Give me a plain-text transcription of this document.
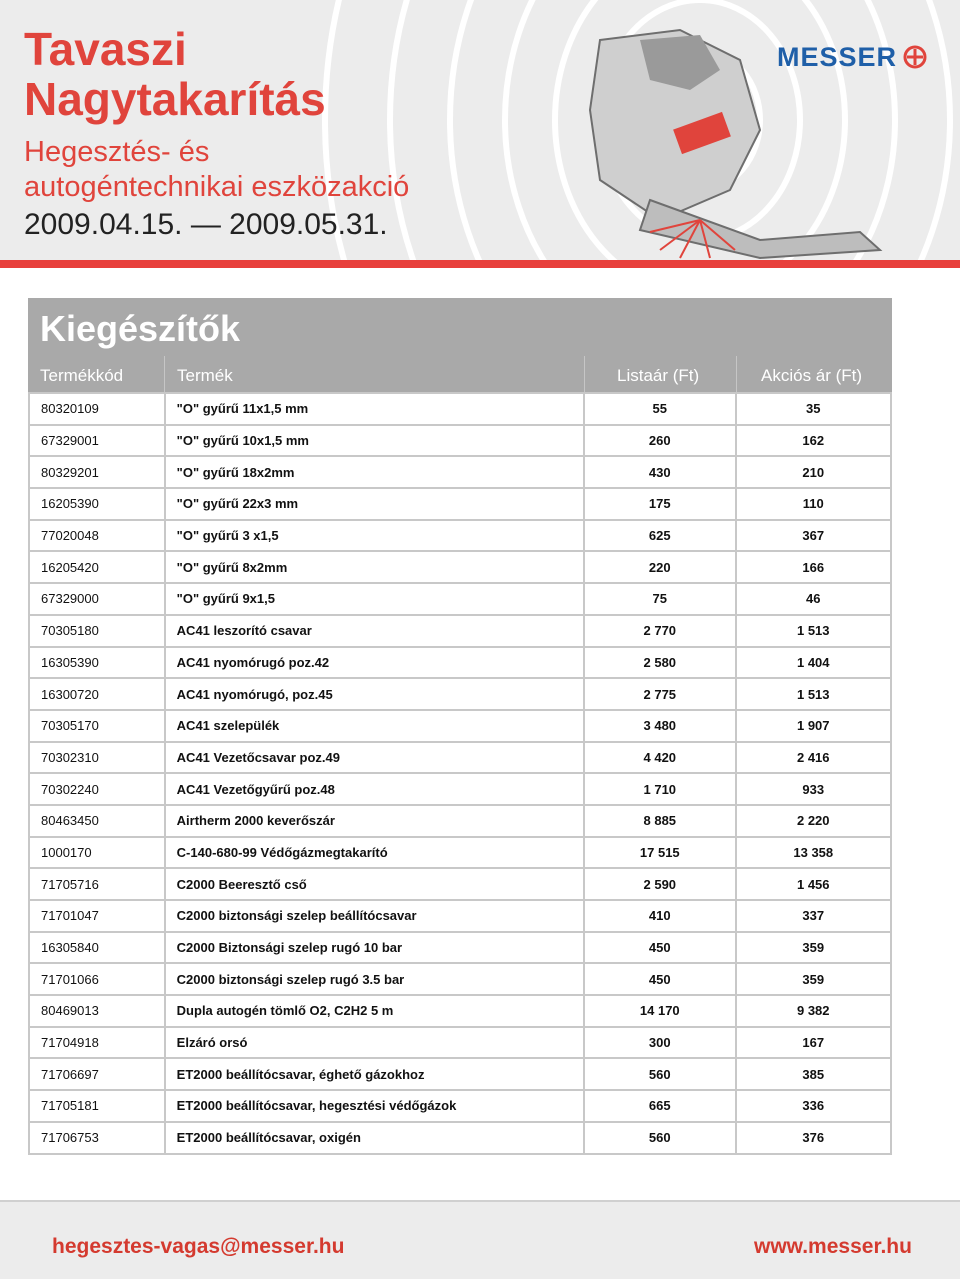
Tavaszi
Nagytakarítás
Hegesztés- és
autogéntechnikai eszközakció
2009.04.15. — 2009.05.31.
MESSER
Kiegészítők
Termékkód	Termék	Listaár (Ft)	Akciós ár (Ft)
80320109	"O" gyűrű 11x1,5 mm	55	35
67329001	"O" gyűrű 10x1,5 mm	260	162
80329201	"O" gyűrű 18x2mm	430	210
16205390	"O" gyűrű 22x3 mm	175	110
77020048	"O" gyűrű 3 x1,5	625	367
16205420	"O" gyűrű 8x2mm	220	166
67329000	"O" gyűrű 9x1,5	75	46
70305180	AC41 leszorító csavar	2 770	1 513
16305390	AC41 nyomórugó poz.42	2 580	1 404
16300720	AC41 nyomórugó, poz.45	2 775	1 513
70305170	AC41 szelepülék	3 480	1 907
70302310	AC41 Vezetőcsavar poz.49	4 420	2 416
70302240	AC41 Vezetőgyűrű poz.48	1 710	933
80463450	Airtherm 2000 keverőszár	8 885	2 220
1000170	C-140-680-99 Védőgázmegtakarító	17 515	13 358
71705716	C2000 Beeresztő cső	2 590	1 456
71701047	C2000 biztonsági szelep beállítócsavar	410	337
16305840	C2000 Biztonsági szelep rugó 10 bar	450	359
71701066	C2000 biztonsági szelep rugó 3.5 bar	450	359
80469013	Dupla autogén tömlő O2, C2H2 5 m	14 170	9 382
71704918	Elzáró orsó	300	167
71706697	ET2000 beállítócsavar, éghető gázokhoz	560	385
71705181	ET2000 beállítócsavar, hegesztési védőgázok	665	336
71706753	ET2000 beállítócsavar, oxigén	560	376
hegesztes-vagas@messer.hu	www.messer.hu
